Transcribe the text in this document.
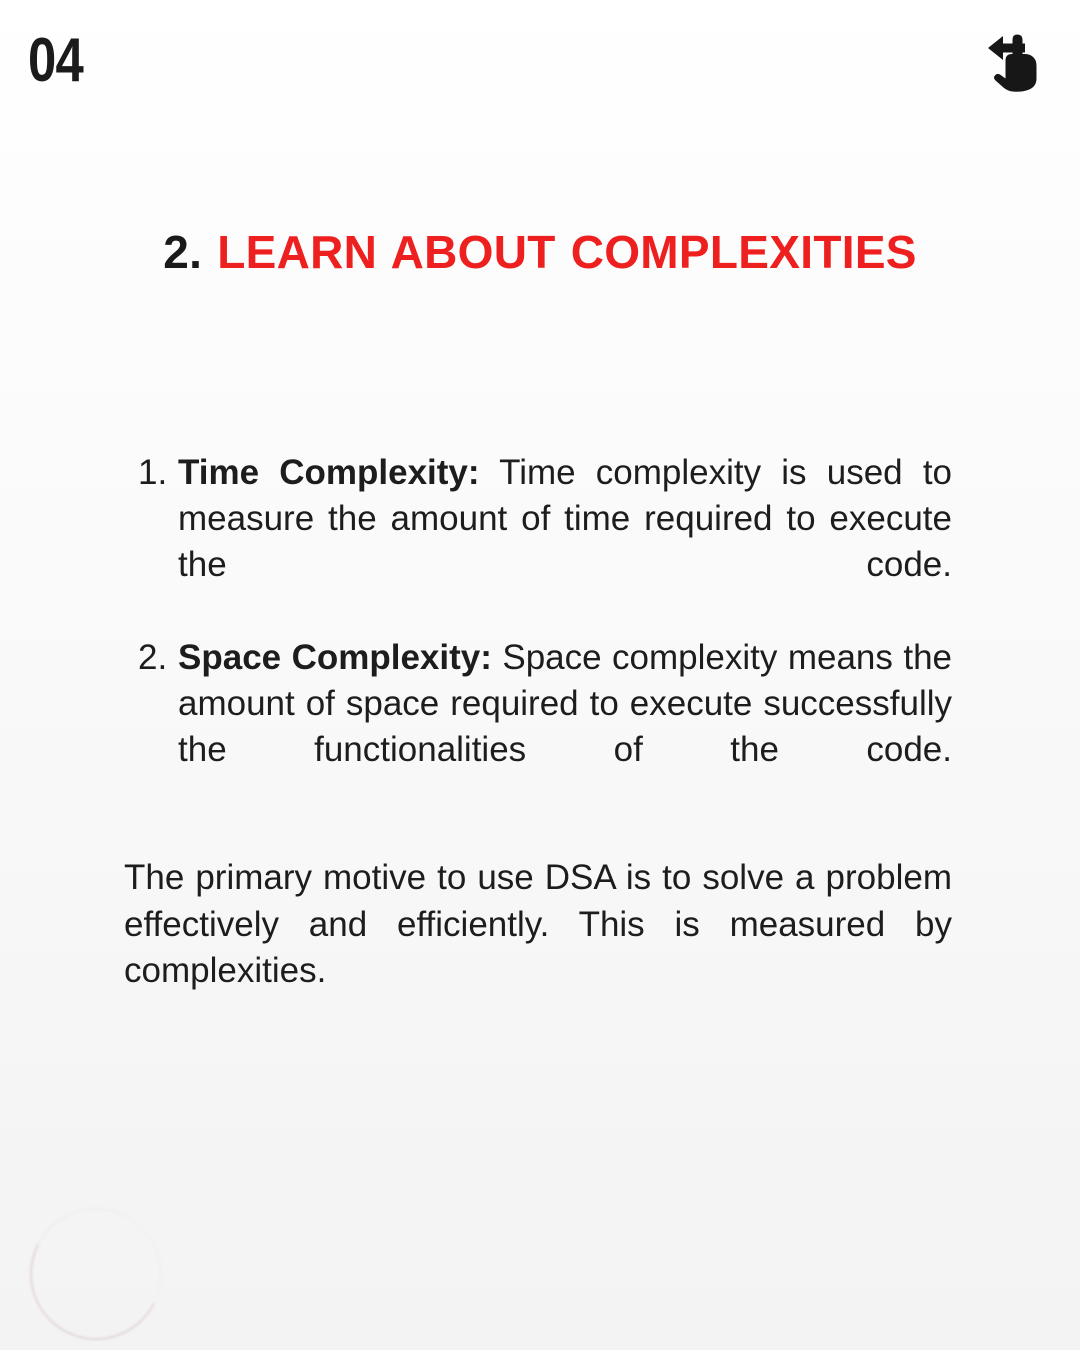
04
2. LEARN ABOUT COMPLEXITIES
Time Complexity: Time complexity is used to measure the amount of time required to execute the code.
Space Complexity: Space complexity means the amount of space required to execute successfully the functionalities of the code.

The primary motive to use DSA is to solve a problem effectively and efficiently. This is measured by complexities.
